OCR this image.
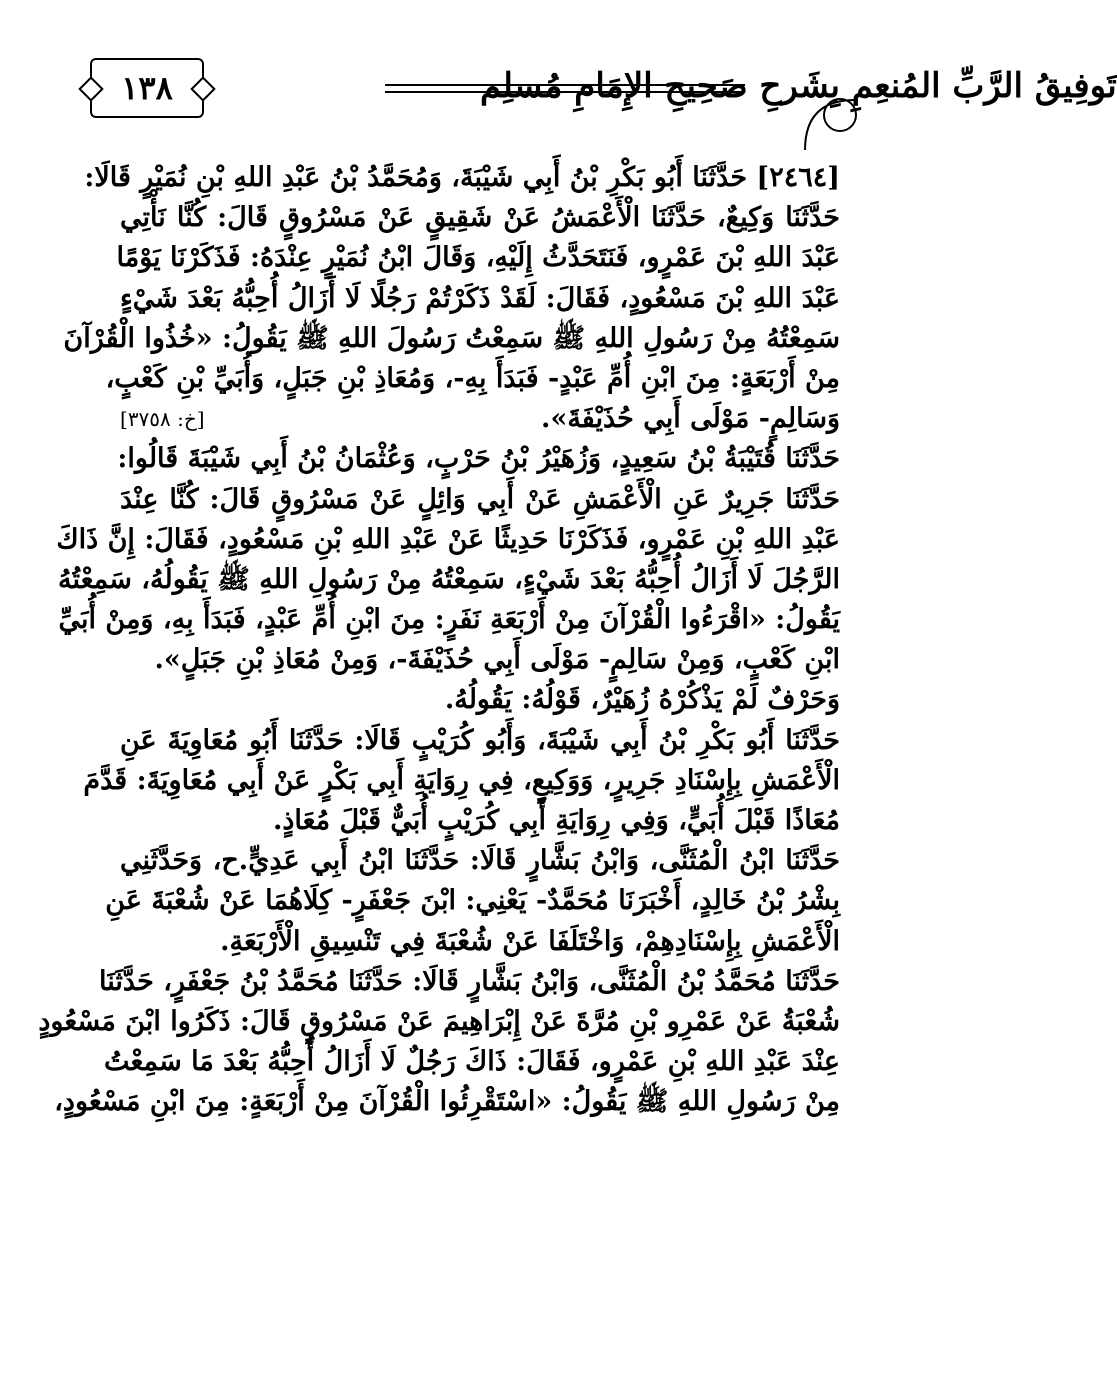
تَوفِيقُ الرَّبِّ المُنعِمِ بِشَرحِ صَحِيحِ الإِمَامِ مُسلِم
١٣٨
[٢٤٦٤] حَدَّثَنَا أَبُو بَكْرِ بْنُ أَبِي شَيْبَةَ، وَمُحَمَّدُ بْنُ عَبْدِ اللهِ بْنِ نُمَيْرٍ قَالَا:
حَدَّثَنَا وَكِيعٌ، حَدَّثَنَا الْأَعْمَشُ عَنْ شَقِيقٍ عَنْ مَسْرُوقٍ قَالَ: كُنَّا نَأْتِي
عَبْدَ اللهِ بْنَ عَمْرٍو، فَنَتَحَدَّثُ إِلَيْهِ، وَقَالَ ابْنُ نُمَيْرٍ عِنْدَهُ: فَذَكَرْنَا يَوْمًا
عَبْدَ اللهِ بْنَ مَسْعُودٍ، فَقَالَ: لَقَدْ ذَكَرْتُمْ رَجُلًا لَا أَزَالُ أُحِبُّهُ بَعْدَ شَيْءٍ
سَمِعْتُهُ مِنْ رَسُولِ اللهِ ﷺ سَمِعْتُ رَسُولَ اللهِ ﷺ يَقُولُ: «خُذُوا الْقُرْآنَ
مِنْ أَرْبَعَةٍ: مِنَ ابْنِ أُمِّ عَبْدٍ- فَبَدَأَ بِهِ-، وَمُعَاذِ بْنِ جَبَلٍ، وَأُبَيِّ بْنِ كَعْبٍ،
[خ: ٣٧٥٨]	وَسَالِمٍ- مَوْلَى أَبِي حُذَيْفَةَ».
حَدَّثَنَا قُتَيْبَةُ بْنُ سَعِيدٍ، وَزُهَيْرُ بْنُ حَرْبٍ، وَعُثْمَانُ بْنُ أَبِي شَيْبَةَ قَالُوا:
حَدَّثَنَا جَرِيرٌ عَنِ الْأَعْمَشِ عَنْ أَبِي وَائِلٍ عَنْ مَسْرُوقٍ قَالَ: كُنَّا عِنْدَ
عَبْدِ اللهِ بْنِ عَمْرٍو، فَذَكَرْنَا حَدِيثًا عَنْ عَبْدِ اللهِ بْنِ مَسْعُودٍ، فَقَالَ: إِنَّ ذَاكَ
الرَّجُلَ لَا أَزَالُ أُحِبُّهُ بَعْدَ شَيْءٍ، سَمِعْتُهُ مِنْ رَسُولِ اللهِ ﷺ يَقُولُهُ، سَمِعْتُهُ
يَقُولُ: «اقْرَءُوا الْقُرْآنَ مِنْ أَرْبَعَةِ نَفَرٍ: مِنَ ابْنِ أُمِّ عَبْدٍ، فَبَدَأَ بِهِ، وَمِنْ أُبَيِّ
ابْنِ كَعْبٍ، وَمِنْ سَالِمٍ- مَوْلَى أَبِي حُذَيْفَةَ-، وَمِنْ مُعَاذِ بْنِ جَبَلٍ».
وَحَرْفٌ لَمْ يَذْكُرْهُ زُهَيْرٌ، قَوْلُهُ: يَقُولُهُ.
حَدَّثَنَا أَبُو بَكْرِ بْنُ أَبِي شَيْبَةَ، وَأَبُو كُرَيْبٍ قَالَا: حَدَّثَنَا أَبُو مُعَاوِيَةَ عَنِ
الْأَعْمَشِ بِإِسْنَادِ جَرِيرٍ، وَوَكِيعٍ، فِي رِوَايَةِ أَبِي بَكْرٍ عَنْ أَبِي مُعَاوِيَةَ: قَدَّمَ
مُعَاذًا قَبْلَ أُبَيٍّ، وَفِي رِوَايَةِ أَبِي كُرَيْبٍ أُبَيٌّ قَبْلَ مُعَاذٍ.
حَدَّثَنَا ابْنُ الْمُثَنَّى، وَابْنُ بَشَّارٍ قَالَا: حَدَّثَنَا ابْنُ أَبِي عَدِيٍّ.ح، وَحَدَّثَنِي
بِشْرُ بْنُ خَالِدٍ، أَخْبَرَنَا مُحَمَّدٌ- يَعْنِي: ابْنَ جَعْفَرٍ- كِلَاهُمَا عَنْ شُعْبَةَ عَنِ
الْأَعْمَشِ بِإِسْنَادِهِمْ، وَاخْتَلَفَا عَنْ شُعْبَةَ فِي تَنْسِيقِ الْأَرْبَعَةِ.
حَدَّثَنَا مُحَمَّدُ بْنُ الْمُثَنَّى، وَابْنُ بَشَّارٍ قَالَا: حَدَّثَنَا مُحَمَّدُ بْنُ جَعْفَرٍ، حَدَّثَنَا
شُعْبَةُ عَنْ عَمْرِو بْنِ مُرَّةَ عَنْ إِبْرَاهِيمَ عَنْ مَسْرُوقٍ قَالَ: ذَكَرُوا ابْنَ مَسْعُودٍ
عِنْدَ عَبْدِ اللهِ بْنِ عَمْرٍو، فَقَالَ: ذَاكَ رَجُلٌ لَا أَزَالُ أُحِبُّهُ بَعْدَ مَا سَمِعْتُ
مِنْ رَسُولِ اللهِ ﷺ يَقُولُ: «اسْتَقْرِئُوا الْقُرْآنَ مِنْ أَرْبَعَةٍ: مِنَ ابْنِ مَسْعُودٍ،
